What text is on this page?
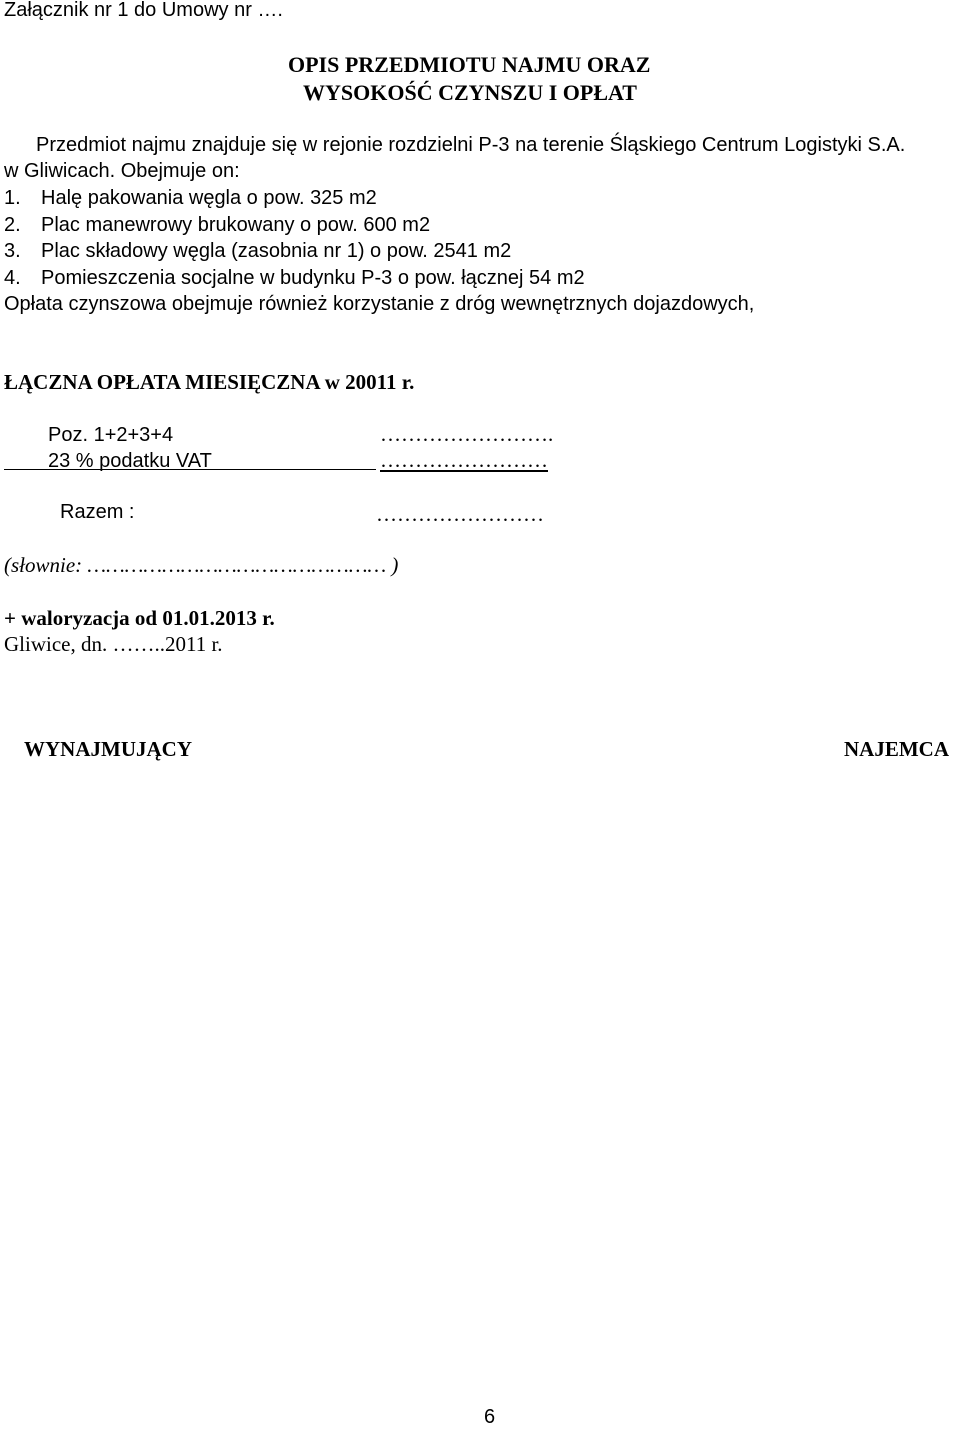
Załącznik nr 1 do Umowy nr ….
OPIS PRZEDMIOTU NAJMU ORAZ
WYSOKOŚĆ CZYNSZU I OPŁAT
Przedmiot najmu znajduje się w rejonie rozdzielni P-3 na terenie Śląskiego Centrum Logistyki S.A.
w Gliwicach. Obejmuje on:
1. Halę pakowania węgla o pow. 325 m2
2. Plac manewrowy brukowany o pow. 600 m2
3. Plac składowy węgla (zasobnia nr 1) o pow. 2541 m2
4. Pomieszczenia socjalne w budynku P-3 o pow. łącznej 54 m2
Opłata czynszowa obejmuje również korzystanie z dróg wewnętrznych dojazdowych,
ŁĄCZNA OPŁATA MIESIĘCZNA w 20011 r.
Poz. 1+2+3+4	…………………….
23 % podatku VAT	……………………
Razem :	……………………
(słownie: ………………………………………… )
+ waloryzacja od 01.01.2013 r.
Gliwice, dn. ……..2011 r.
WYNAJMUJĄCY	NAJEMCA
6
